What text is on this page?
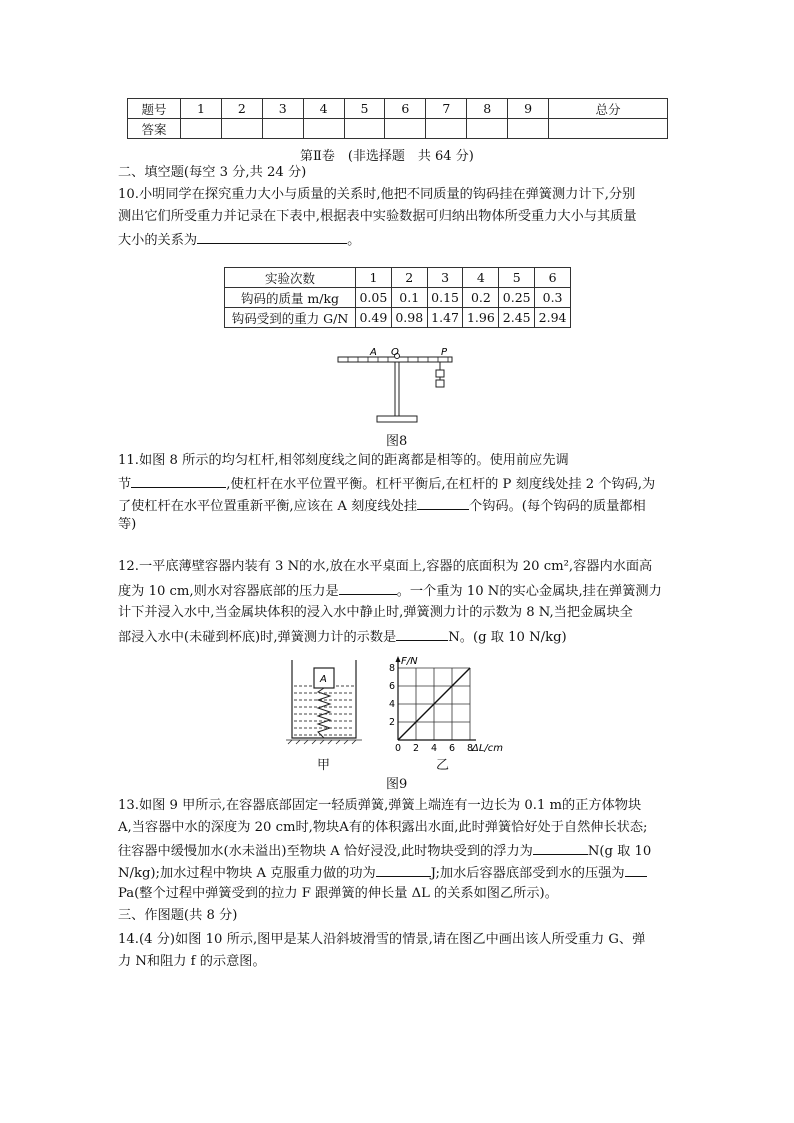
题号	1	2	3	4	5	6	7	8	9	总分
答案										
第Ⅱ卷　(非选择题　共 64 分)
二、填空题(每空 3 分,共 24 分)
10.小明同学在探究重力大小与质量的关系时,他把不同质量的钩码挂在弹簧测力计下,分别
测出它们所受重力并记录在下表中,根据表中实验数据可归纳出物体所受重力大小与其质量
大小的关系为	。
实验次数	1	2	3	4	5	6
钩码的质量 m/kg	0.05	0.1	0.15	0.2	0.25	0.3
钩码受到的重力 G/N	0.49	0.98	1.47	1.96	2.45	2.94
A O	P
图8
11.如图 8 所示的均匀杠杆,相邻刻度线之间的距离都是相等的。使用前应先调
节	,使杠杆在水平位置平衡。杠杆平衡后,在杠杆的 P 刻度线处挂 2 个钩码,为
了使杠杆在水平位置重新平衡,应该在 A 刻度线处挂	个钩码。(每个钩码的质量都相
等)
12.一平底薄壁容器内装有 3 N的水,放在水平桌面上,容器的底面积为 20 cm²,容器内水面高
度为 10 cm,则水对容器底部的压力是	。一个重为 10 N的实心金属块,挂在弹簧测力
计下并浸入水中,当金属块体积的浸入水中静止时,弹簧测力计的示数为 8 N,当把金属块全
部浸入水中(未碰到杯底)时,弹簧测力计的示数是	N。(g 取 10 N/kg)
A
0 2 4 6 8
2
4
6
8
F/N
ΔL/cm
甲	乙
图9
13.如图 9 甲所示,在容器底部固定一轻质弹簧,弹簧上端连有一边长为 0.1 m的正方体物块
A,当容器中水的深度为 20 cm时,物块A有的体积露出水面,此时弹簧恰好处于自然伸长状态;
往容器中缓慢加水(水未溢出)至物块 A 恰好浸没,此时物块受到的浮力为	N(g 取 10
N/kg);加水过程中物块 A 克服重力做的功为	J;加水后容器底部受到水的压强为
Pa(整个过程中弹簧受到的拉力 F 跟弹簧的伸长量 ΔL 的关系如图乙所示)。
三、作图题(共 8 分)
14.(4 分)如图 10 所示,图甲是某人沿斜坡滑雪的情景,请在图乙中画出该人所受重力 G、弹
力 N和阻力 f 的示意图。
